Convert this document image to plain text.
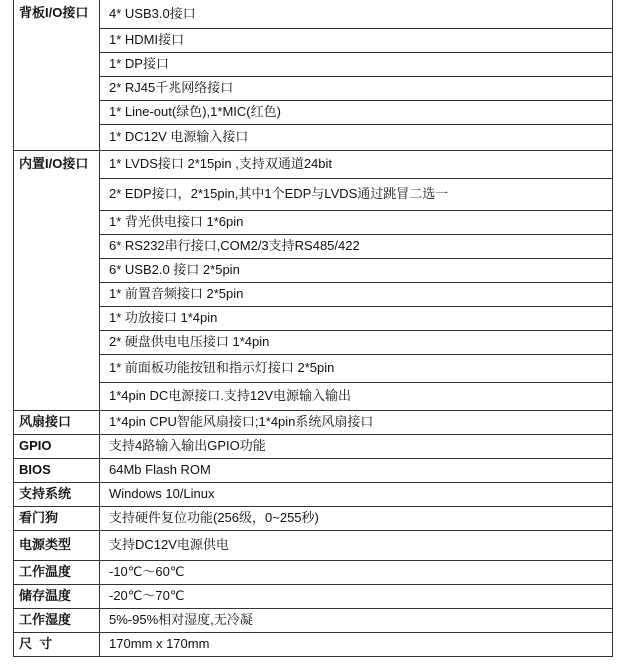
背板I/O接口	4* USB3.0接口
	1* HDMI接口
	1* DP接口
	2* RJ45千兆网络接口
	1* Line-out(绿色),1*MIC(红色)
	1* DC12V 电源输入接口
内置I/O接口	1* LVDS接口 2*15pin ,支持双通道24bit
	2* EDP接口，2*15pin,其中1个EDP与LVDS通过跳冒二选一
	1* 背光供电接口 1*6pin
	6* RS232串行接口,COM2/3支持RS485/422
	6* USB2.0 接口 2*5pin
	1* 前置音频接口 2*5pin
	1* 功放接口 1*4pin
	2* 硬盘供电电压接口 1*4pin
	1* 前面板功能按钮和指示灯接口 2*5pin
	1*4pin DC电源接口.支持12V电源输入输出
风扇接口	1*4pin CPU智能风扇接口;1*4pin系统风扇接口
GPIO	支持4路输入输出GPIO功能
BIOS	64Mb Flash ROM
支持系统	Windows 10/Linux
看门狗	支持硬件复位功能(256级，0~255秒)
电源类型	支持DC12V电源供电
工作温度	-10℃～60℃
储存温度	-20℃～70℃
工作湿度	5%-95%相对湿度,无冷凝
尺  寸	170mm x 170mm
